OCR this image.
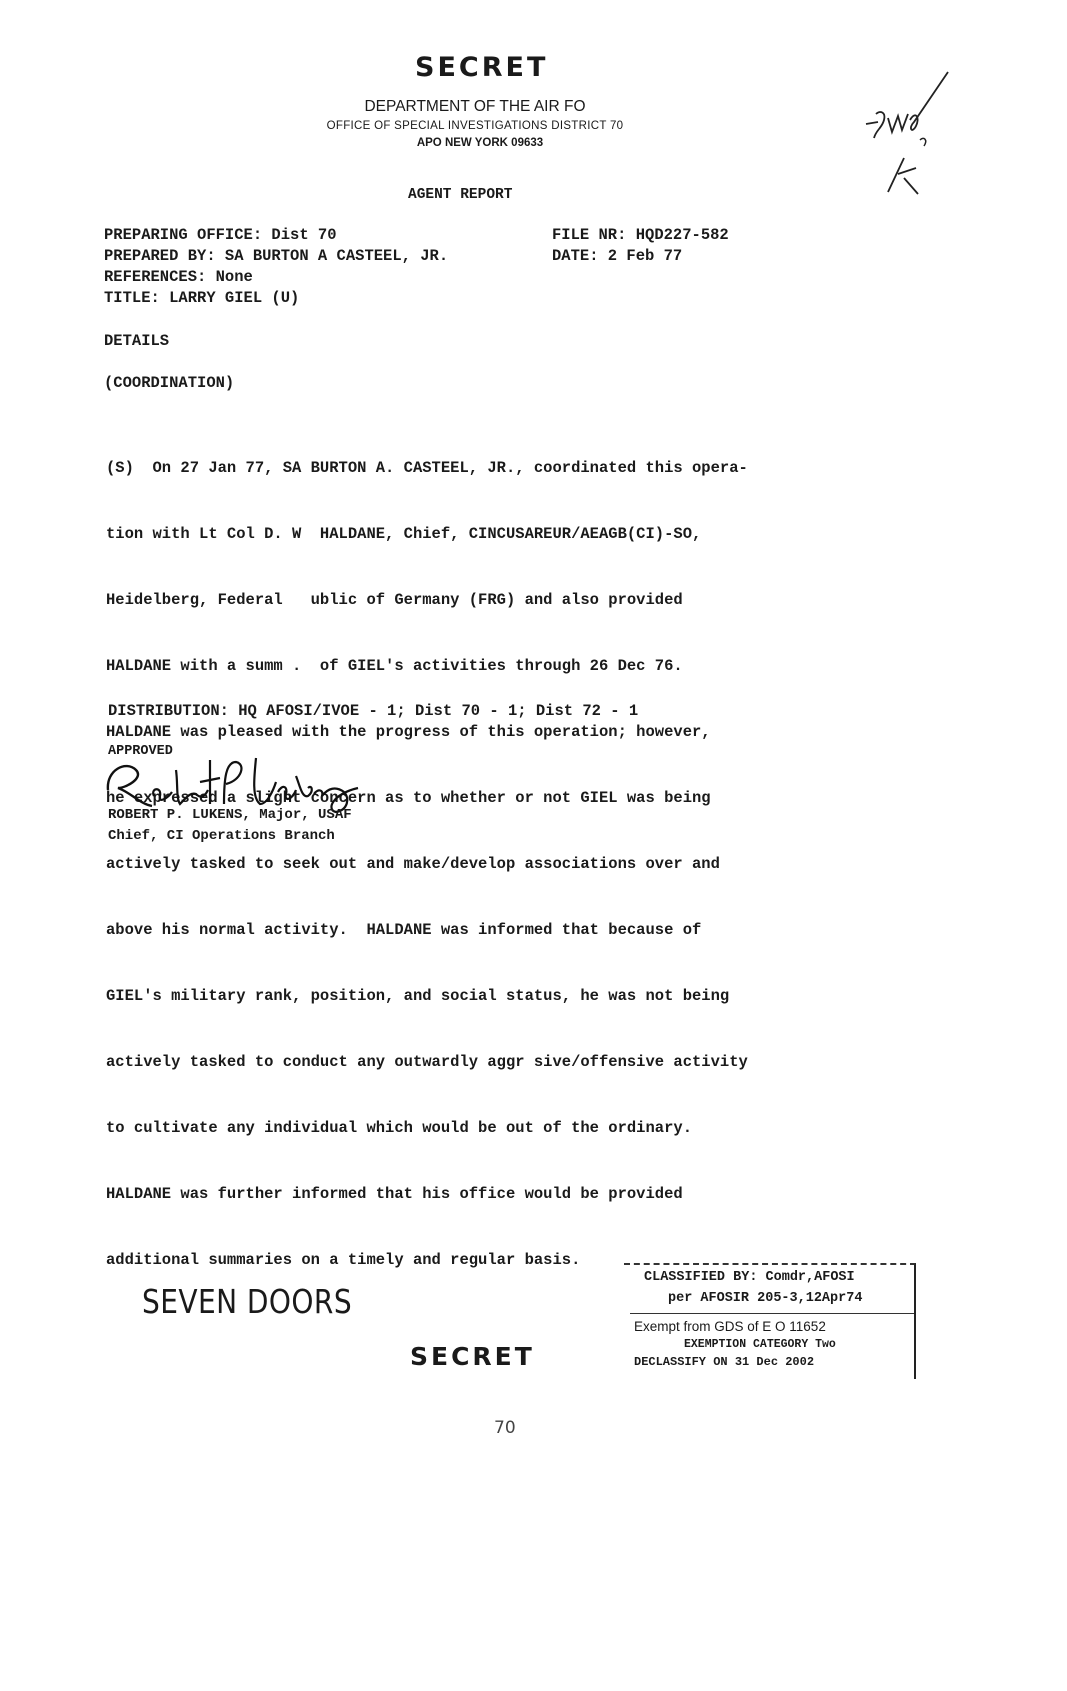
SECRET
DEPARTMENT OF THE AIR FO
OFFICE OF SPECIAL INVESTIGATIONS DISTRICT 70
APO NEW YORK 09633
AGENT REPORT
PREPARING OFFICE: Dist 70
PREPARED BY: SA BURTON A CASTEEL, JR.
REFERENCES: None
TITLE: LARRY GIEL (U)
FILE NR: HQD227-582
DATE: 2 Feb 77
DETAILS
(COORDINATION)

(S)  On 27 Jan 77, SA BURTON A. CASTEEL, JR., coordinated this opera-

tion with Lt Col D. W  HALDANE, Chief, CINCUSAREUR/AEAGB(CI)-SO,

Heidelberg, Federal   ublic of Germany (FRG) and also provided

HALDANE with a summ .  of GIEL's activities through 26 Dec 76.

HALDANE was pleased with the progress of this operation; however,

he expressed a slight concern as to whether or not GIEL was being

actively tasked to seek out and make/develop associations over and

above his normal activity.  HALDANE was informed that because of

GIEL's military rank, position, and social status, he was not being

actively tasked to conduct any outwardly aggr sive/offensive activity

to cultivate any individual which would be out of the ordinary.

HALDANE was further informed that his office would be provided

additional summaries on a timely and regular basis.

DISTRIBUTION: HQ AFOSI/IVOE - 1; Dist 70 - 1; Dist 72 - 1
APPROVED
ROBERT P. LUKENS, Major, USAF
Chief, CI Operations Branch
SEVEN DOORS
SECRET
CLASSIFIED BY: Comdr,AFOSI
per AFOSIR 205-3,12Apr74
Exempt from GDS of E O 11652
EXEMPTION CATEGORY Two
DECLASSIFY ON 31 Dec 2002
70
